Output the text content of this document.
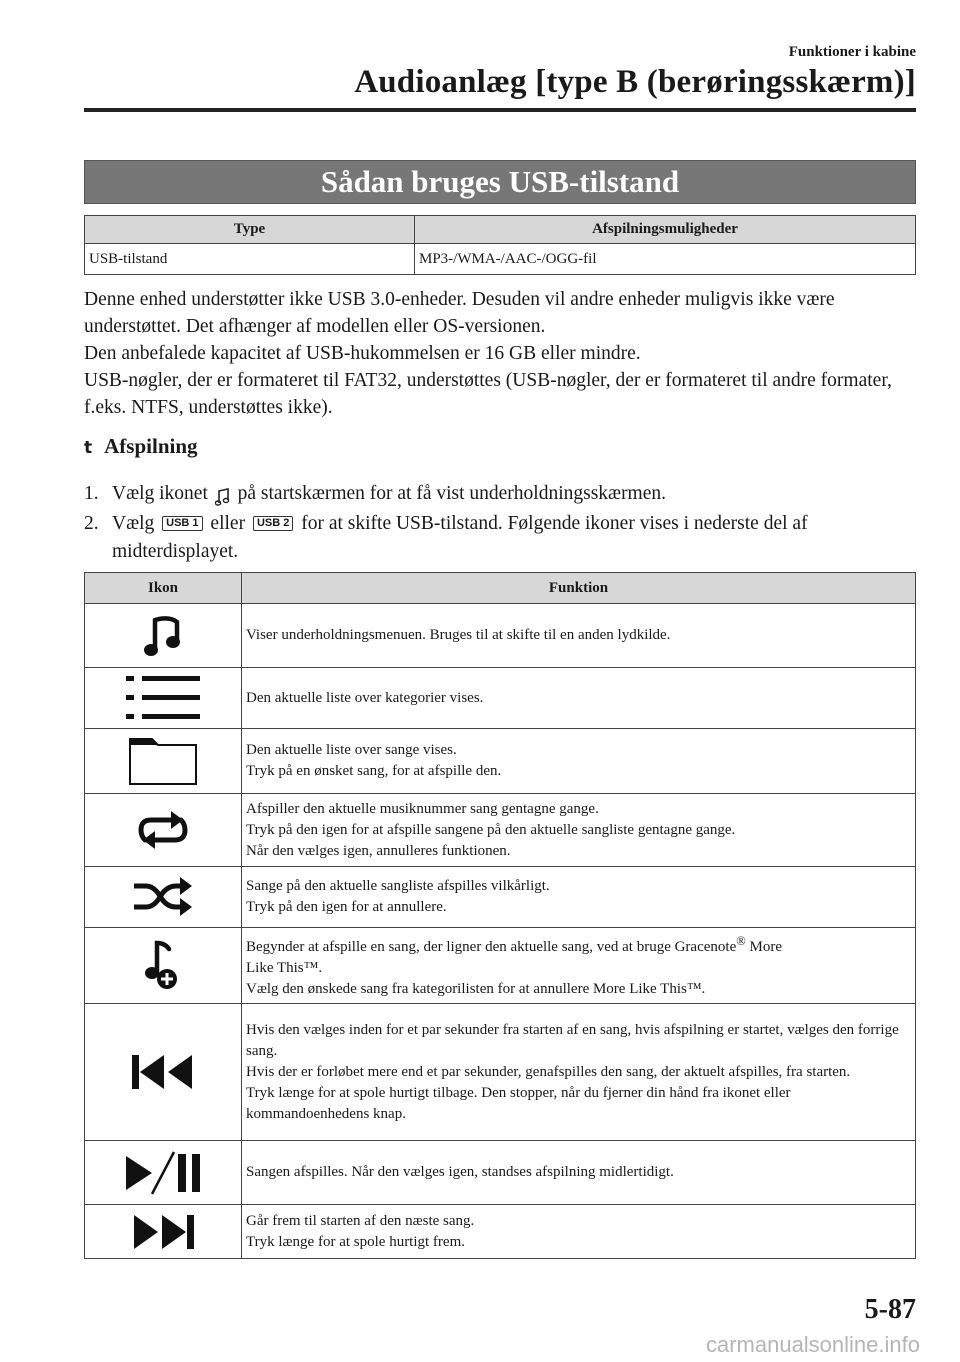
Funktioner i kabine
Audioanlæg [type B (berøringsskærm)]
Sådan bruges USB-tilstand
Type	Afspilningsmuligheder
USB-tilstand	MP3-/WMA-/AAC-/OGG-fil

Denne enhed understøtter ikke USB 3.0-enheder. Desuden vil andre enheder muligvis ikke være understøttet. Det afhænger af modellen eller OS-versionen.

Den anbefalede kapacitet af USB-hukommelsen er 16 GB eller mindre.

USB-nøgler, der er formateret til FAT32, understøttes (USB-nøgler, der er formateret til andre formater, f.eks. NTFS, understøttes ikke).

t Afspilning
1. Vælg ikonet på startskærmen for at få vist underholdningsskærmen.
2. Vælg USB 1 eller USB 2 for at skifte USB-tilstand. Følgende ikoner vises i nederste del af
midterdisplayet.
Ikon	Funktion

Viser underholdningsmenuen. Bruges til at skifte til en anden lydkilde.

Den aktuelle liste over kategorier vises.

Den aktuelle liste over sange vises.
Tryk på en ønsket sang, for at afspille den.

Afspiller den aktuelle musiknummer sang gentagne gange.
Tryk på den igen for at afspille sangene på den aktuelle sangliste gentagne gange.
Når den vælges igen, annulleres funktionen.

Sange på den aktuelle sangliste afspilles vilkårligt.
Tryk på den igen for at annullere.

Begynder at afspille en sang, der ligner den aktuelle sang, ved at bruge Gracenote® More
Like This™.
Vælg den ønskede sang fra kategorilisten for at annullere More Like This™.

Hvis den vælges inden for et par sekunder fra starten af en sang, hvis afspilning er startet, vælges den forrige sang.
Hvis der er forløbet mere end et par sekunder, genafspilles den sang, der aktuelt afspilles, fra starten.
Tryk længe for at spole hurtigt tilbage. Den stopper, når du fjerner din hånd fra ikonet eller kommandoenhedens knap.

Sangen afspilles. Når den vælges igen, standses afspilning midlertidigt.

Går frem til starten af den næste sang.
Tryk længe for at spole hurtigt frem.
5-87
carmanualsonline.info
